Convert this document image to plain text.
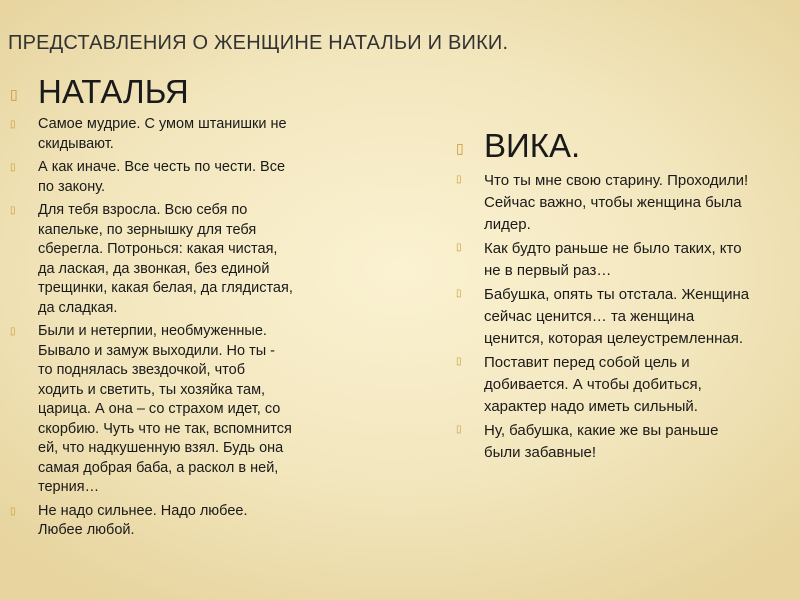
ПРЕДСТАВЛЕНИЯ О ЖЕНЩИНЕ НАТАЛЬИ И ВИКИ.
▯ НАТАЛЬЯ
▯	Самое мудрие. С умом штанишки не
скидывают.
▯	А как иначе. Все честь по чести. Все
по закону.
▯	Для тебя взросла. Всю себя по
капельке, по зернышку для тебя
сберегла. Потронься: какая чистая,
да лаская, да звонкая, без единой
трещинки, какая белая, да глядистая,
да сладкая.
▯	Были и нетерпии, необмуженные.
Бывало и замуж выходили. Но ты -
то поднялась звездочкой, чтоб
ходить и светить, ты хозяйка там,
царица. А она – со страхом идет, со
скорбию. Чуть что не так, вспомнится
ей, что надкушенную взял. Будь она
самая добрая баба, а раскол в ней,
терния…
▯	Не надо сильнее. Надо любее.
Любее любой.
▯ ВИКА.
▯	Что ты мне свою старину. Проходили!
Сейчас важно, чтобы женщина была
лидер.
▯	Как будто раньше не было таких, кто
не в первый раз…
▯	Бабушка, опять ты отстала. Женщина
сейчас ценится… та женщина
ценится, которая целеустремленная.
▯	Поставит перед собой цель и
добивается. А чтобы добиться,
характер надо иметь сильный.
▯	Ну, бабушка, какие же вы раньше
были забавные!
